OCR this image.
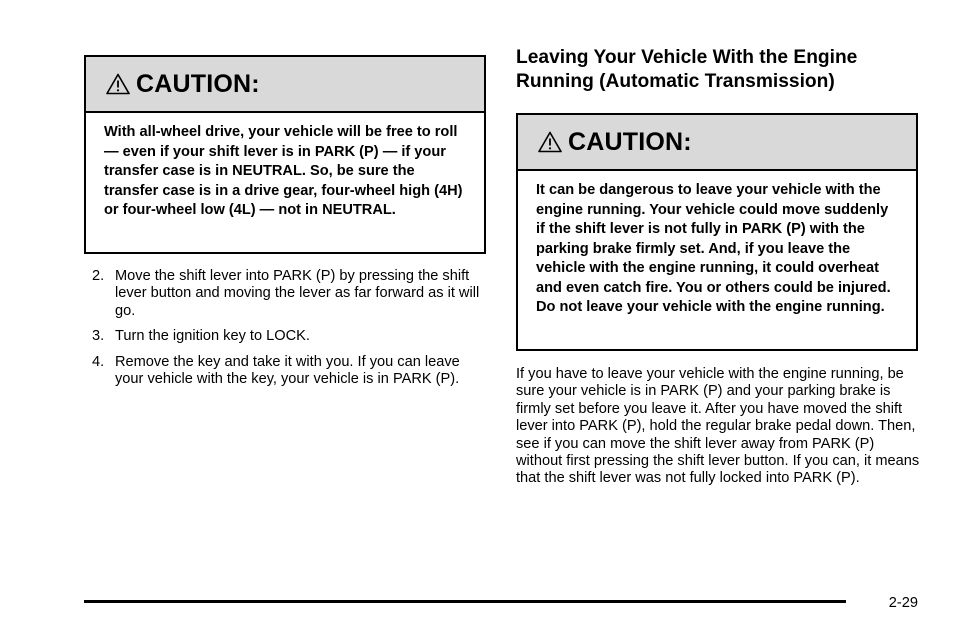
CAUTION:

With all-wheel drive, your vehicle will be free to roll — even if your shift lever is in PARK (P) — if your transfer case is in NEUTRAL. So, be sure the transfer case is in a drive gear, four-wheel high (4H) or four-wheel low (4L) — not in NEUTRAL.

2. Move the shift lever into PARK (P) by pressing the shift lever button and moving the lever as far forward as it will go.
3. Turn the ignition key to LOCK.
4. Remove the key and take it with you. If you can leave your vehicle with the key, your vehicle is in PARK (P).
Leaving Your Vehicle With the Engine Running (Automatic Transmission)
CAUTION:

It can be dangerous to leave your vehicle with the engine running. Your vehicle could move suddenly if the shift lever is not fully in PARK (P) with the parking brake firmly set. And, if you leave the vehicle with the engine running, it could overheat and even catch fire. You or others could be injured. Do not leave your vehicle with the engine running.

If you have to leave your vehicle with the engine running, be sure your vehicle is in PARK (P) and your parking brake is firmly set before you leave it. After you have moved the shift lever into PARK (P), hold the regular brake pedal down. Then, see if you can move the shift lever away from PARK (P) without first pressing the shift lever button. If you can, it means that the shift lever was not fully locked into PARK (P).

2-29
